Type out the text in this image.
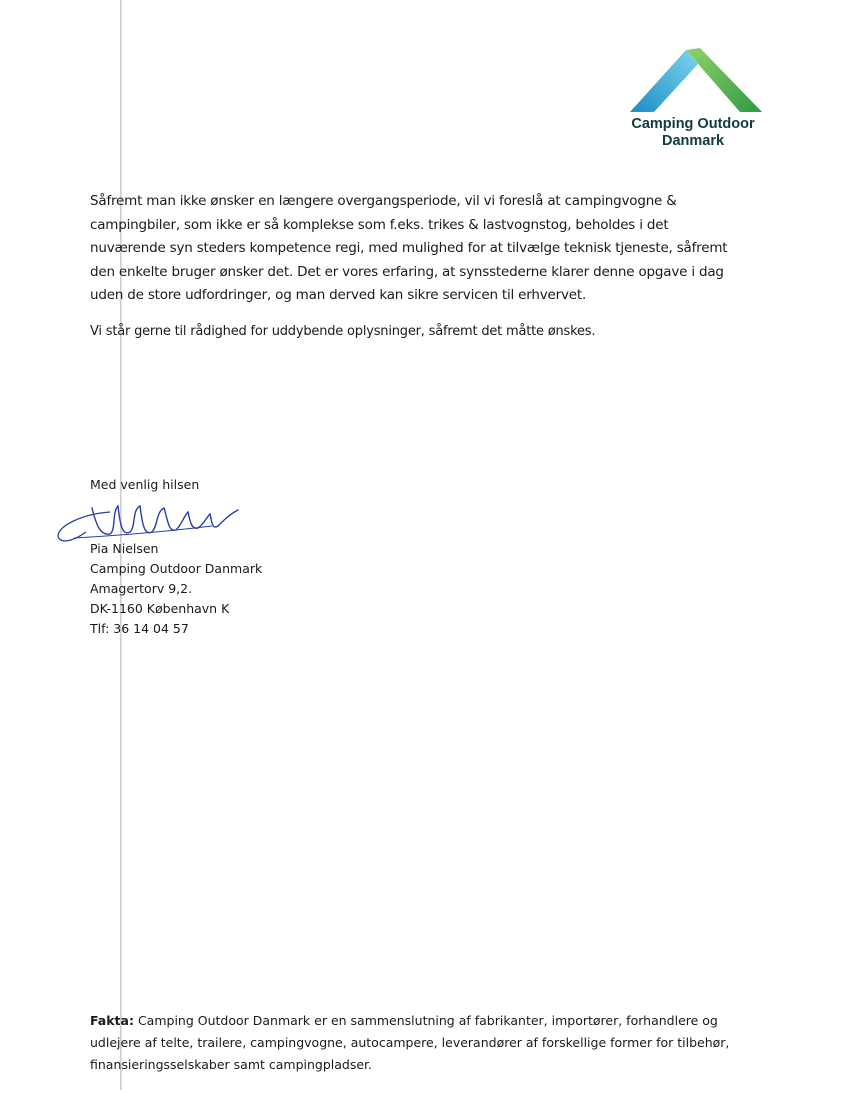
Camping Outdoor
Danmark

Såfremt man ikke ønsker en længere overgangsperiode, vil vi foreslå at campingvogne &
campingbiler, som ikke er så komplekse som f.eks. trikes & lastvognstog, beholdes i det
nuværende syn steders kompetence regi, med mulighed for at tilvælge teknisk tjeneste, såfremt
den enkelte bruger ønsker det. Det er vores erfaring, at synsstederne klarer denne opgave i dag
uden de store udfordringer, og man derved kan sikre servicen til erhvervet.

Vi står gerne til rådighed for uddybende oplysninger, såfremt det måtte ønskes.

Med venlig hilsen
Pia Nielsen
Camping Outdoor Danmark
Amagertorv 9,2.
DK-1160 København K
Tlf: 36 14 04 57
Fakta: Camping Outdoor Danmark er en sammenslutning af fabrikanter, importører, forhandlere og udlejere af telte, trailere, campingvogne, autocampere, leverandører af forskellige former for tilbehør, finansieringsselskaber samt campingpladser.
